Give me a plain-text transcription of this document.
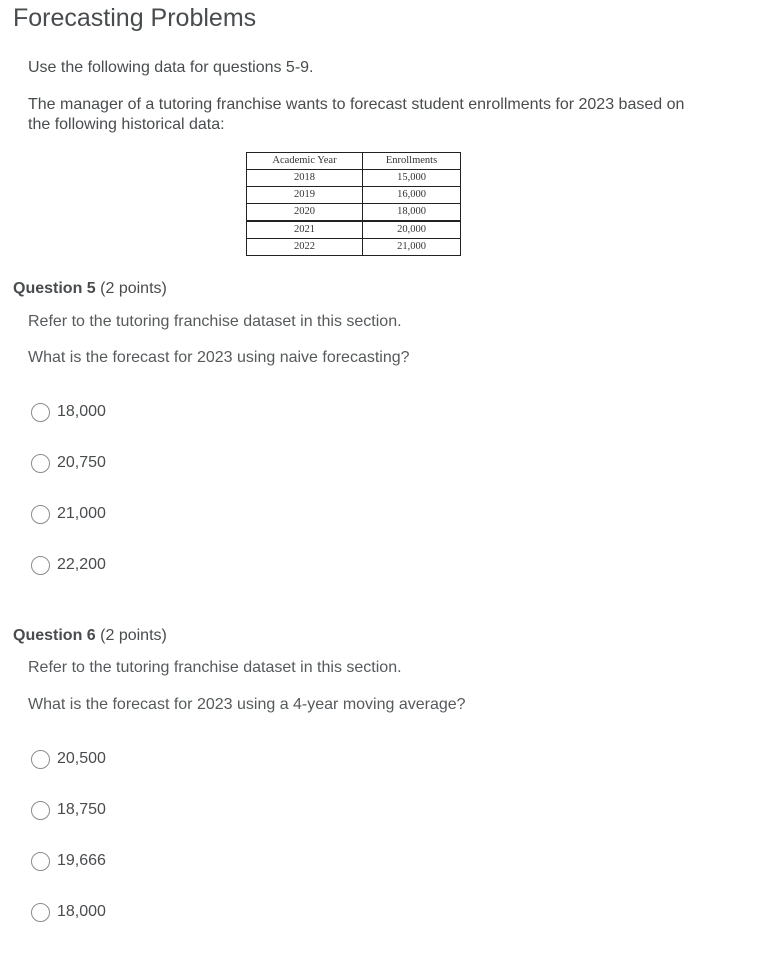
Forecasting Problems

Use the following data for questions 5-9.

The manager of a tutoring franchise wants to forecast student enrollments for 2023 based on the following historical data:

Academic Year	Enrollments
2018	15,000
2019	16,000
2020	18,000
2021	20,000
2022	21,000
Question 5 (2 points)

Refer to the tutoring franchise dataset in this section.

What is the forecast for 2023 using naive forecasting?

18,000
20,750
21,000
22,200
Question 6 (2 points)

Refer to the tutoring franchise dataset in this section.

What is the forecast for 2023 using a 4-year moving average?

20,500
18,750
19,666
18,000
